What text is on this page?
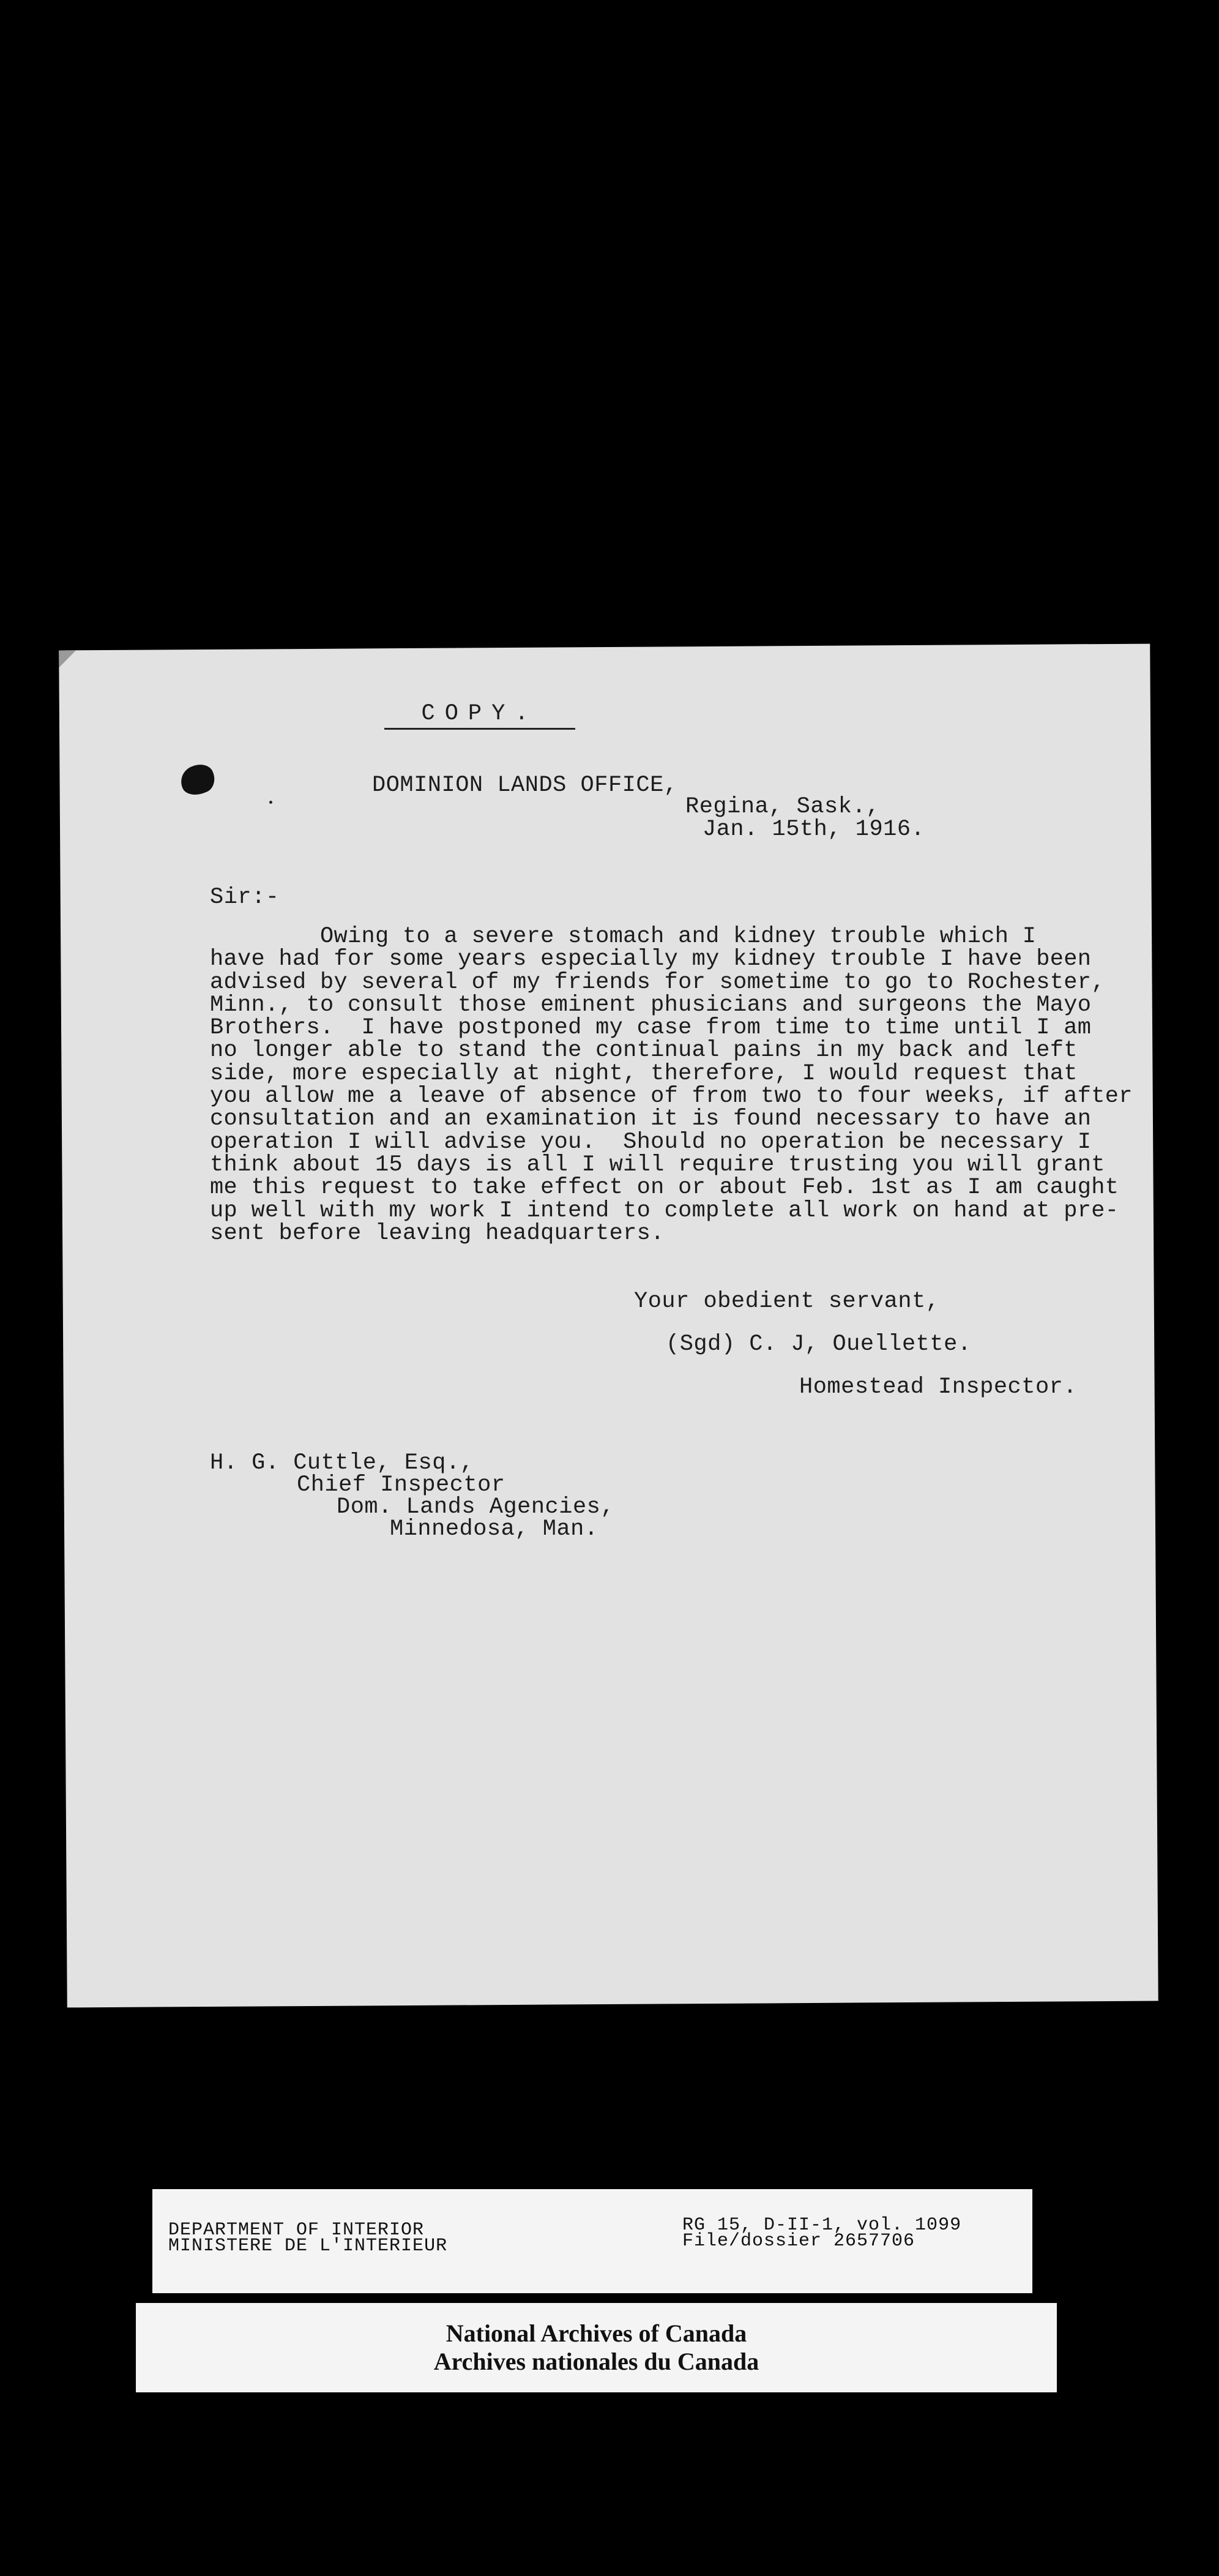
COPY.
DOMINION LANDS OFFICE,
Regina, Sask.,
Jan. 15th, 1916.
Sir:-
Owing to a severe stomach and kidney trouble which I
have had for some years especially my kidney trouble I have been
advised by several of my friends for sometime to go to Rochester,
Minn., to consult those eminent phusicians and surgeons the Mayo
Brothers.  I have postponed my case from time to time until I am
no longer able to stand the continual pains in my back and left
side, more especially at night, therefore, I would request that
you allow me a leave of absence of from two to four weeks, if after
consultation and an examination it is found necessary to have an
operation I will advise you.  Should no operation be necessary I
think about 15 days is all I will require trusting you will grant
me this request to take effect on or about Feb. 1st as I am caught
up well with my work I intend to complete all work on hand at pre-
sent before leaving headquarters.
Your obedient servant,
(Sgd) C. J, Ouellette.
Homestead Inspector.
H. G. Cuttle, Esq.,
Chief Inspector
Dom. Lands Agencies,
Minnedosa, Man.
DEPARTMENT OF INTERIOR
MINISTERE DE L'INTERIEUR
RG 15, D-II-1, vol. 1099
File/dossier 2657706
National Archives of Canada
Archives nationales du Canada
